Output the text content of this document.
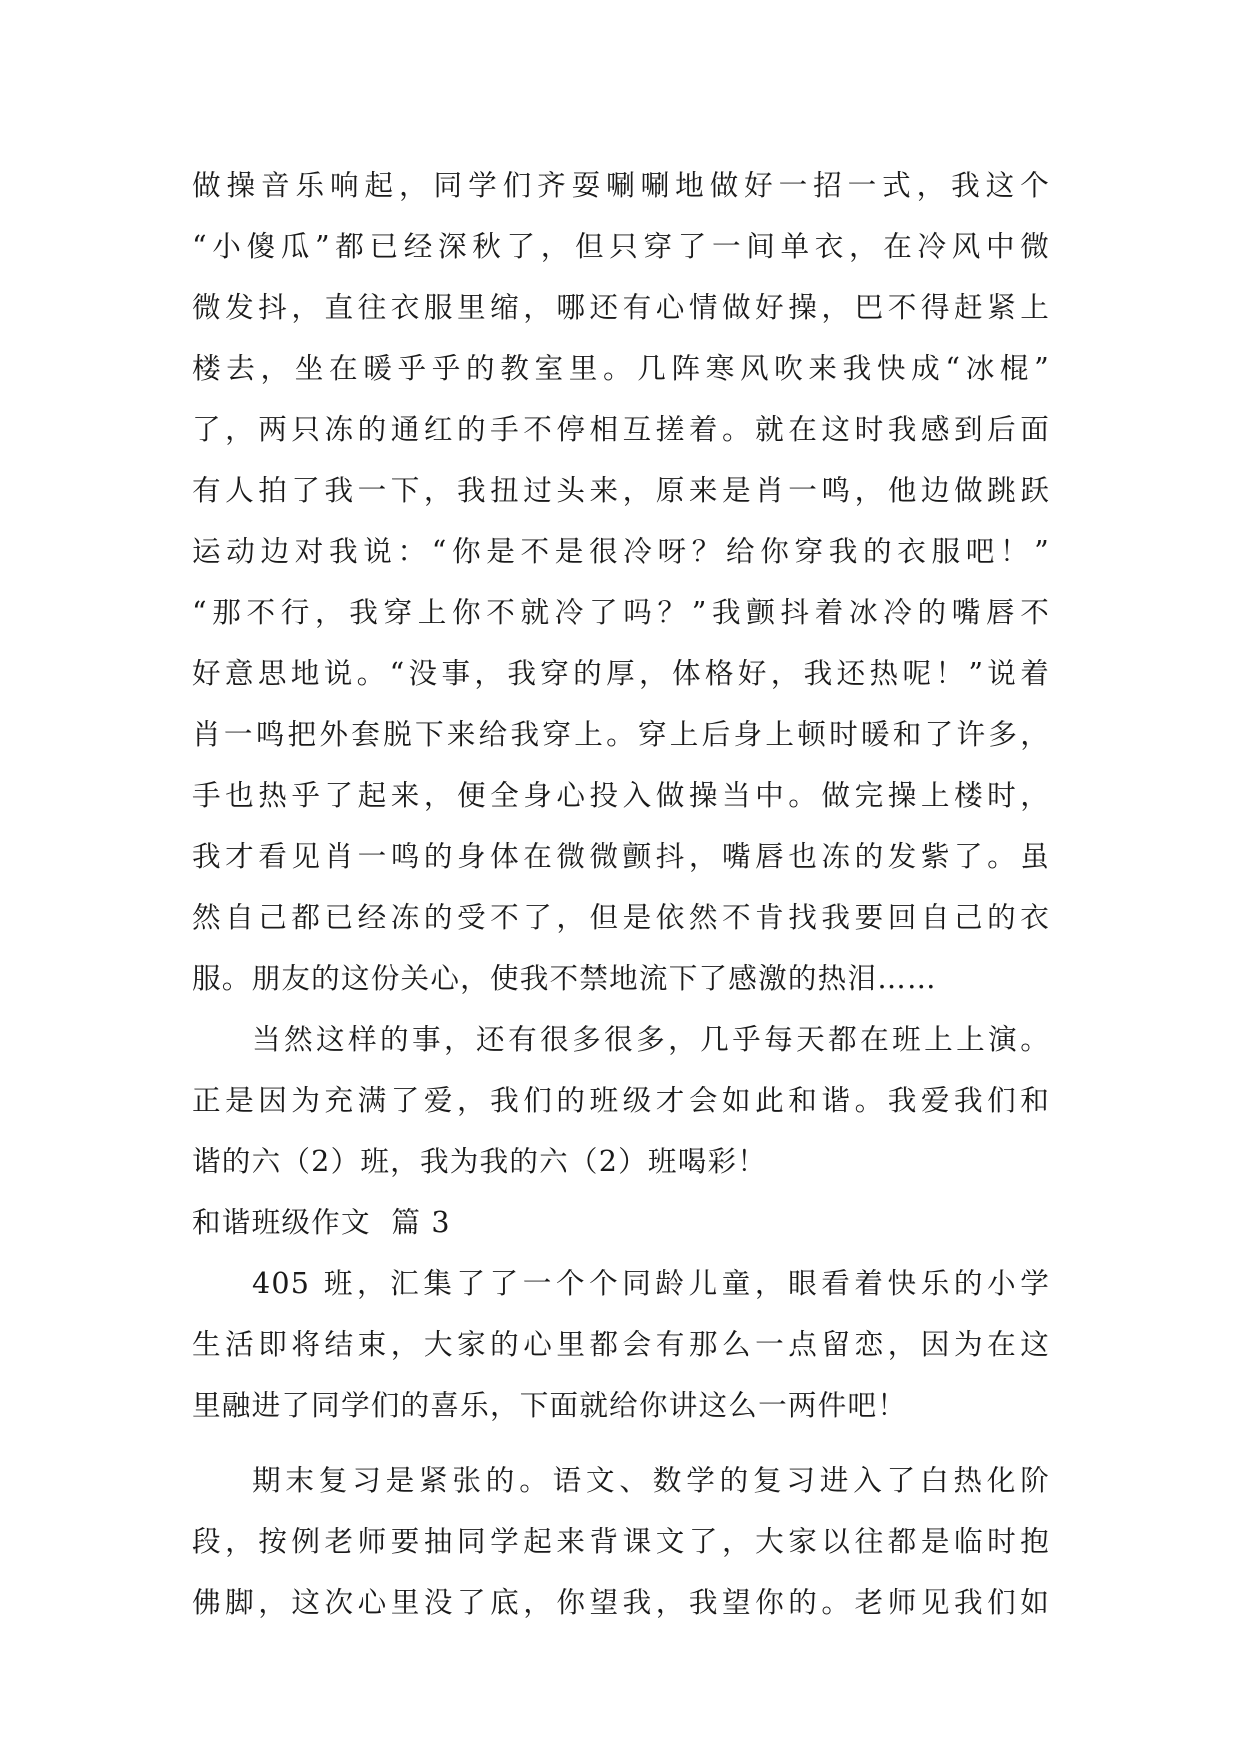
做操音乐响起，同学们齐耍唰唰地做好一招一式，我这个
“小傻瓜”都已经深秋了，但只穿了一间单衣，在冷风中微
微发抖，直往衣服里缩，哪还有心情做好操，巴不得赶紧上
楼去，坐在暖乎乎的教室里。几阵寒风吹来我快成“冰棍”
了，两只冻的通红的手不停相互搓着。就在这时我感到后面
有人拍了我一下，我扭过头来，原来是肖一鸣，他边做跳跃
运动边对我说：“你是不是很冷呀？给你穿我的衣服吧！”
“那不行，我穿上你不就冷了吗？”我颤抖着冰冷的嘴唇不
好意思地说。“没事，我穿的厚，体格好，我还热呢！”说着
肖一鸣把外套脱下来给我穿上。穿上后身上顿时暖和了许多，
手也热乎了起来，便全身心投入做操当中。做完操上楼时，
我才看见肖一鸣的身体在微微颤抖，嘴唇也冻的发紫了。虽
然自己都已经冻的受不了，但是依然不肯找我要回自己的衣
服。朋友的这份关心，使我不禁地流下了感激的热泪……
当然这样的事，还有很多很多，几乎每天都在班上上演。
正是因为充满了爱，我们的班级才会如此和谐。我爱我们和
谐的六（2）班，我为我的六（2）班喝彩！
和谐班级作文  篇 3
405 班，汇集了了一个个同龄儿童，眼看着快乐的小学
生活即将结束，大家的心里都会有那么一点留恋，因为在这
里融进了同学们的喜乐，下面就给你讲这么一两件吧！
期末复习是紧张的。语文、数学的复习进入了白热化阶
段，按例老师要抽同学起来背课文了，大家以往都是临时抱
佛脚，这次心里没了底，你望我，我望你的。老师见我们如
